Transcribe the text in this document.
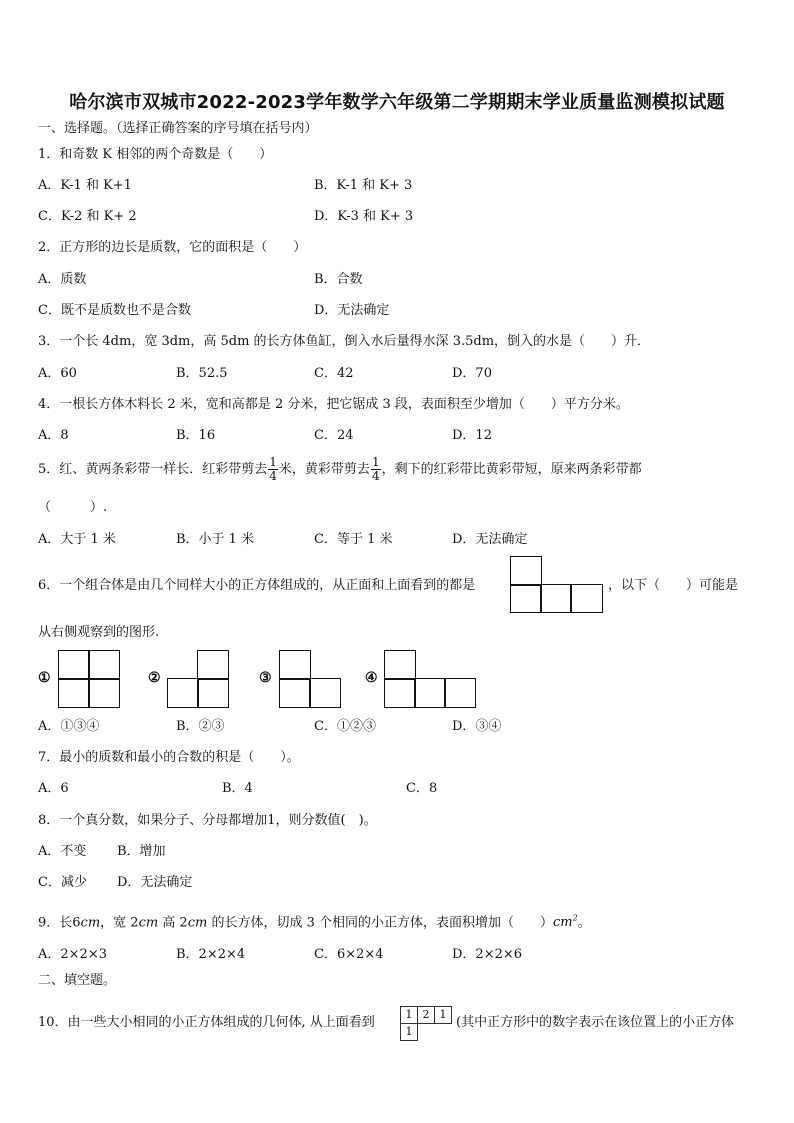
哈尔滨市双城市2022-2023学年数学六年级第二学期期末学业质量监测模拟试题
一、选择题。（选择正确答案的序号填在括号内）
1．和奇数 K 相邻的两个奇数是（　　）
A．K-1 和 K+1	B．K-1 和 K+ 3
C．K-2 和 K+ 2	D．K-3 和 K+ 3
2．正方形的边长是质数，它的面积是（　　）
A．质数	B．合数
C．既不是质数也不是合数	D．无法确定
3．一个长 4dm，宽 3dm，高 5dm 的长方体鱼缸，倒入水后量得水深 3.5dm，倒入的水是（　　）升．
A．60	B．52.5	C．42	D．70
4．一根长方体木料长 2 米，宽和高都是 2 分米，把它锯成 3 段，表面积至少增加（　　）平方分米。
A．8	B．16	C．24	D．12
5．红、黄两条彩带一样长．红彩带剪去 $\frac{1}{4}$ 米，黄彩带剪去 $\frac{1}{4}$ ，剩下的红彩带比黄彩带短，原来两条彩带都
（　　　）.
A．大于 1 米	B．小于 1 米	C．等于 1 米	D．无法确定
6．一个组合体是由几个同样大小的正方体组成的，从正面和上面看到的都是	，以下（　　）可能是
从右侧观察到的图形.
①	②	③	④
A．①③④	B．②③	C．①②③	D．③④
7．最小的质数和最小的合数的积是（　　）。
A．6	B．4	C．8
8．一个真分数，如果分子、分母都增加1，则分数值(　)。
A．不变 B．增加
C．减少 D．无法确定
9．长6cm，宽 2cm 高 2cm 的长方体，切成 3 个相同的小正方体，表面积增加（　　）$cm^2$。
A．2×2×3	B．2×2×4	C．6×2×4	D．2×2×6
二、填空题。
10．由一些大小相同的小正方体组成的几何体, 从上面看到
1 2 1
1
(其中正方形中的数字表示在该位置上的小正方体
